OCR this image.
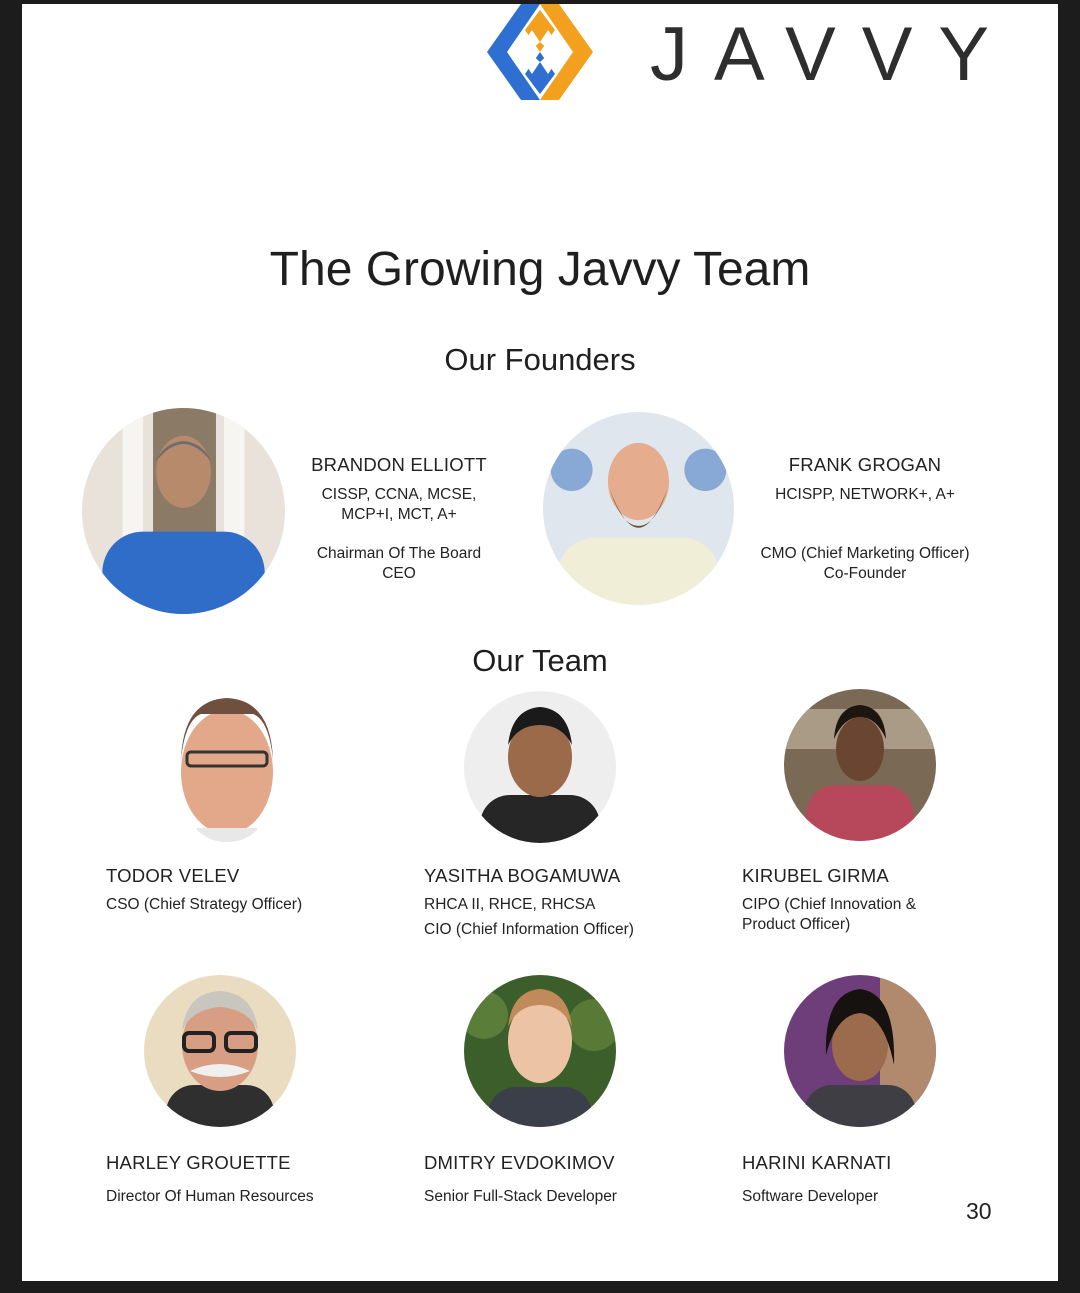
JAVVY
The Growing Javvy Team
Our Founders
BRANDON ELLIOTT
CISSP, CCNA, MCSE,
MCP+I, MCT, A+
Chairman Of The Board
CEO
FRANK GROGAN
HCISPP, NETWORK+, A+
CMO (Chief Marketing Officer)
Co-Founder
Our Team
TODOR VELEV
CSO (Chief Strategy Officer)
YASITHA BOGAMUWA
RHCA II, RHCE, RHCSA
CIO (Chief Information Officer)
KIRUBEL GIRMA
CIPO (Chief Innovation &
Product Officer)
HARLEY GROUETTE
Director Of Human Resources
DMITRY EVDOKIMOV
Senior Full-Stack Developer
HARINI KARNATI
Software Developer
30
